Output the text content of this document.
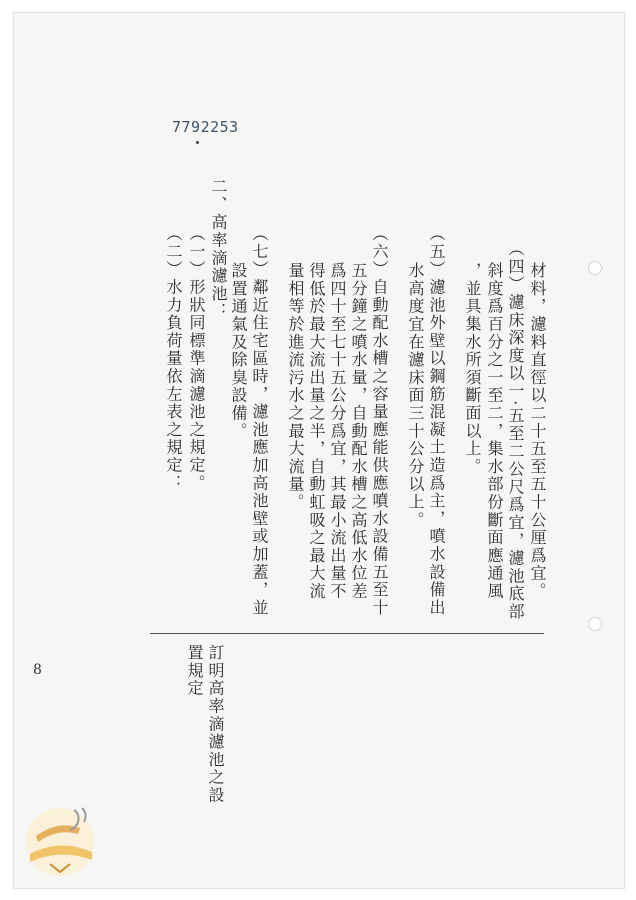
7792253
材料，濾料直徑以二十五至五十公厘爲宜。
（四）濾床深度以一·五至二公尺爲宜，濾池底部
斜度爲百分之一至二，集水部份斷面應通風
，並具集水所須斷面以上。
（五）濾池外壁以鋼筋混凝土造爲主，噴水設備出
水高度宜在濾床面三十公分以上。
（六）自動配水槽之容量應能供應噴水設備五至十
五分鐘之噴水量，自動配水槽之高低水位差
爲四十至七十五公分爲宜，其最小流出量不
得低於最大流出量之半，自動虹吸之最大流
量相等於進流污水之最大流量。
（七）鄰近住宅區時，濾池應加高池壁或加蓋，並
設置通氣及除臭設備。
二、高率滴濾池：
（一）形狀同標準滴濾池之規定。
（二）水力負荷量依左表之規定：
訂明高率滴濾池之設
置規定
8
